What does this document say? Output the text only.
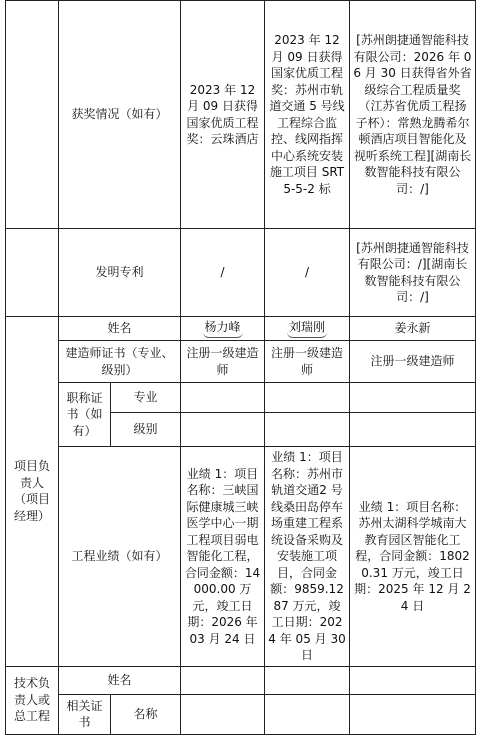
	获奖情况（如有）		2023 年 12 月 09 日获得国家优质工程奖：云珠酒店	2023 年 12 月 09 日获得国家优质工程奖：苏州市轨道交通 5 号线工程综合监控、线网指挥中心系统安装施工项目 SRT5-5-2 标	[苏州朗捷通智能科技有限公司：2026 年 06 月 30 日获得省外省级综合工程质量奖（江苏省优质工程扬子杯）：常熟龙腾希尔顿酒店项目智能化及视听系统工程][湖南长数智能科技有限公司：/]
	发明专利		/	/	[苏州朗捷通智能科技有限公司：/][湖南长数智能科技有限公司：/]
项目负责人（项目经理）	姓名		杨力峰	刘瑞刚	姜永新
	建造师证书（专业、级别）		注册一级建造师	注册一级建造师	注册一级建造师
	职称证书（如有）	专业			
		级别			
	工程业绩（如有）		业绩 1：项目名称：三峡国际健康城三峡医学中心一期工程项目弱电智能化工程，合同金额：14000.00 万元，竣工日期：2026 年 03 月 24 日	业绩 1：项目名称：苏州市轨道交通2 号线桑田岛停车场重建工程系统设备采购及安装施工项目，合同金额：9859.1287 万元，竣工日期：2024 年 05 月 30 日	业绩 1：项目名称：苏州太湖科学城南大教育园区智能化工程，合同金额：18020.31 万元，竣工日期：2025 年 12 月 24 日

技术负责人或总工程	姓名				
	相关证书	名称			
